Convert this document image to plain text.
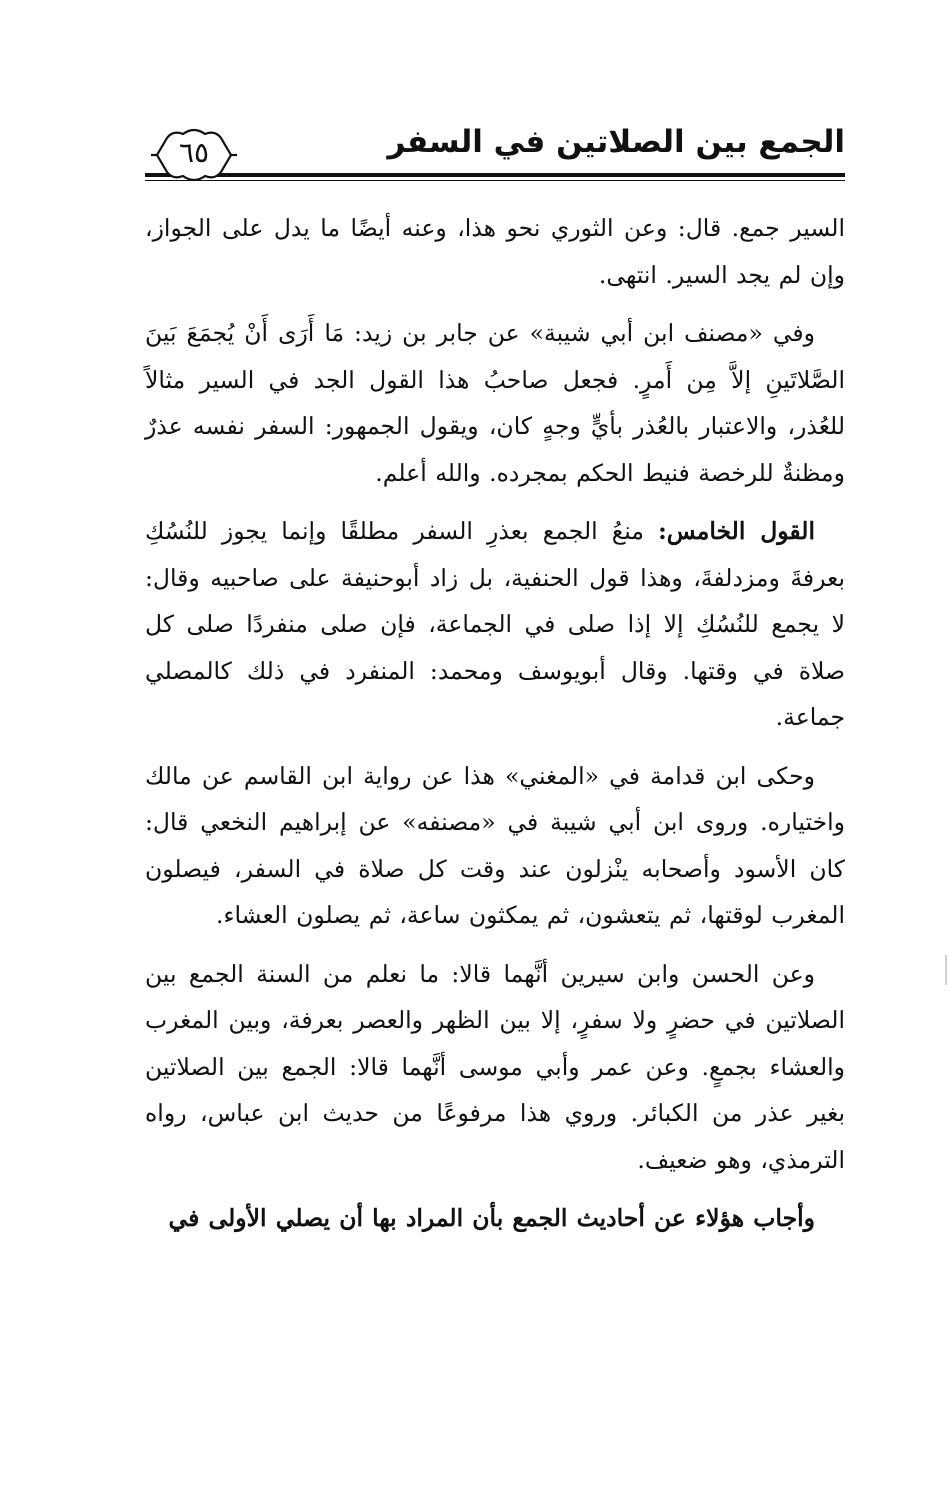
الجمع بين الصلاتين في السفر
٦٥

السير جمع. قال: وعن الثوري نحو هذا، وعنه أيضًا ما يدل على الجواز، وإن لم يجد السير. انتهى.

وفي «مصنف ابن أبي شيبة» عن جابر بن زيد: مَا أَرَى أَنْ يُجمَعَ بَينَ الصَّلاتَينِ إلاَّ مِن أَمرٍ. فجعل صاحبُ هذا القول الجد في السير مثالاً للعُذر، والاعتبار بالعُذر بأيٍّ وجهٍ كان، ويقول الجمهور: السفر نفسه عذرٌ ومظنةٌ للرخصة فنيط الحكم بمجرده. والله أعلم.

القول الخامس: منعُ الجمع بعذرِ السفر مطلقًا وإنما يجوز للنُسُكِ بعرفةَ ومزدلفةَ، وهذا قول الحنفية، بل زاد أبوحنيفة على صاحبيه وقال: لا يجمع للنُسُكِ إلا إذا صلى في الجماعة، فإن صلى منفردًا صلى كل صلاة في وقتها. وقال أبويوسف ومحمد: المنفرد في ذلك كالمصلي جماعة.

وحكى ابن قدامة في «المغني» هذا عن رواية ابن القاسم عن مالك واختياره. وروى ابن أبي شيبة في «مصنفه» عن إبراهيم النخعي قال: كان الأسود وأصحابه ينْزلون عند وقت كل صلاة في السفر، فيصلون المغرب لوقتها، ثم يتعشون، ثم يمكثون ساعة، ثم يصلون العشاء.

وعن الحسن وابن سيرين أنَّهما قالا: ما نعلم من السنة الجمع بين الصلاتين في حضرٍ ولا سفرٍ، إلا بين الظهر والعصر بعرفة، وبين المغرب والعشاء بجمعٍ. وعن عمر وأبي موسى أنَّهما قالا: الجمع بين الصلاتين بغير عذر من الكبائر. وروي هذا مرفوعًا من حديث ابن عباس، رواه الترمذي، وهو ضعيف.

وأجاب هؤلاء عن أحاديث الجمع بأن المراد بها أن يصلي الأولى في
